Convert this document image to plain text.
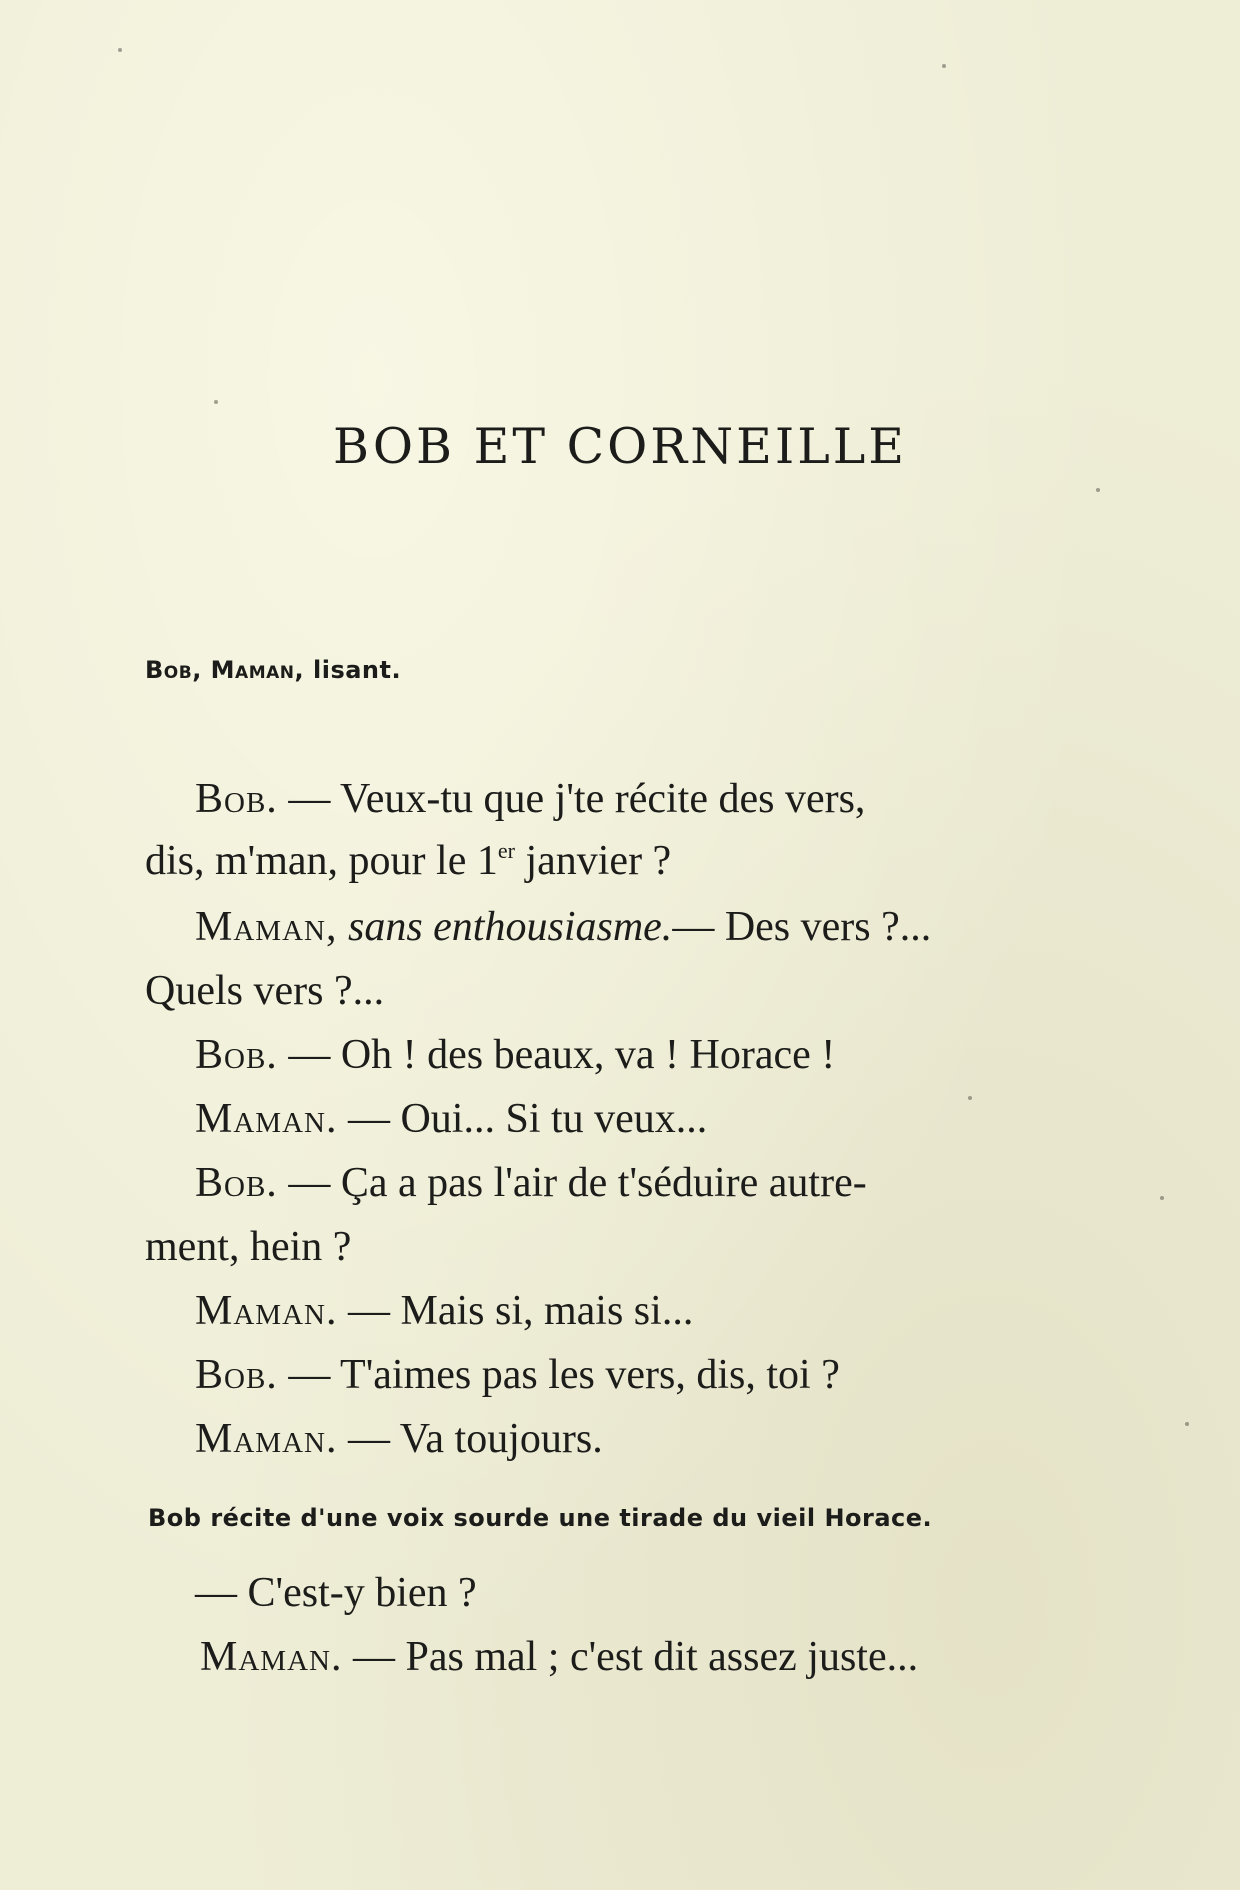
BOB ET CORNEILLE
Bob, Maman, lisant.
Bob. — Veux-tu que j'te récite des vers,
dis, m'man, pour le 1er janvier ?
Maman, sans enthousiasme.— Des vers ?...
Quels vers ?...
Bob. — Oh ! des beaux, va ! Horace !
Maman. — Oui... Si tu veux...
Bob. — Ça a pas l'air de t'séduire autre-
ment, hein ?
Maman. — Mais si, mais si...
Bob. — T'aimes pas les vers, dis, toi ?
Maman. — Va toujours.
Bob récite d'une voix sourde une tirade du vieil Horace.
— C'est-y bien ?
Maman. — Pas mal ; c'est dit assez juste...
